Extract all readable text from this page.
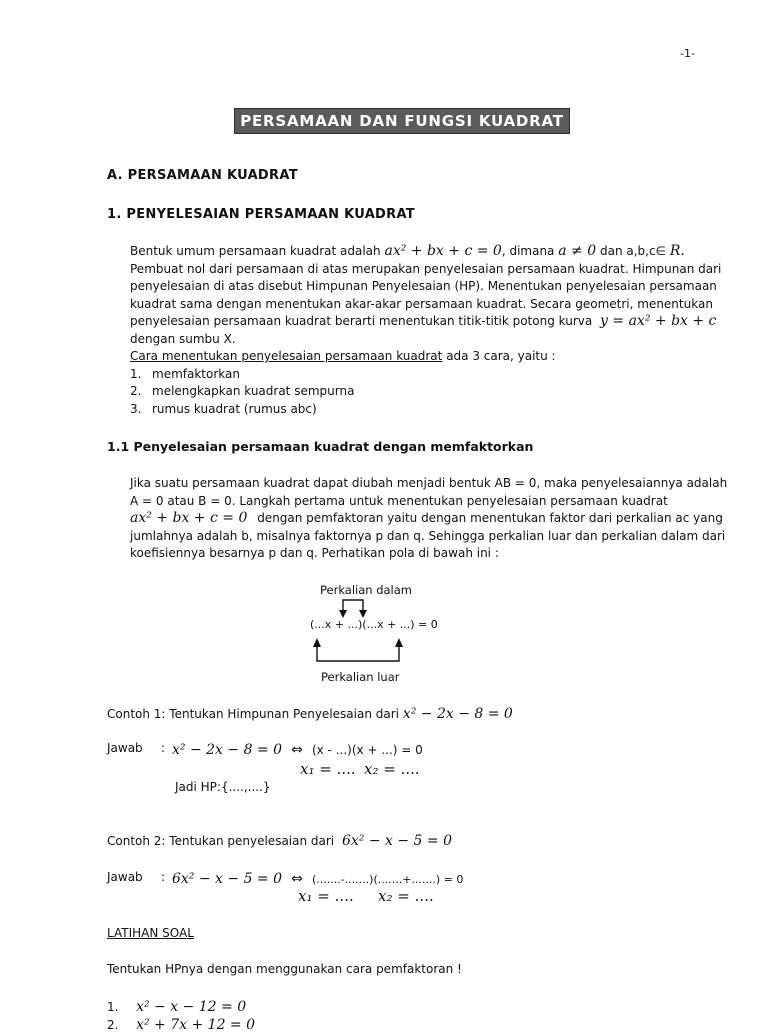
-1-
PERSAMAAN DAN FUNGSI KUADRAT
A. PERSAMAAN KUADRAT
1. PENYELESAIAN PERSAMAAN KUADRAT
Bentuk umum persamaan kuadrat adalah ax² + bx + c = 0, dimana a ≠ 0 dan a,b,c∈ R.
Pembuat nol dari persamaan di atas merupakan penyelesaian persamaan kuadrat. Himpunan dari
penyelesaian di atas disebut Himpunan Penyelesaian (HP). Menentukan penyelesaian persamaan
kuadrat sama dengan menentukan akar-akar persamaan kuadrat. Secara geometri, menentukan
penyelesaian persamaan kuadrat berarti menentukan titik-titik potong kurva y = ax² + bx + c
dengan sumbu X.
Cara menentukan penyelesaian persamaan kuadrat ada 3 cara, yaitu :
1. memfaktorkan
2. melengkapkan kuadrat sempurna
3. rumus kuadrat (rumus abc)
1.1 Penyelesaian persamaan kuadrat dengan memfaktorkan
Jika suatu persamaan kuadrat dapat diubah menjadi bentuk AB = 0, maka penyelesaiannya adalah
A = 0 atau B = 0. Langkah pertama untuk menentukan penyelesaian persamaan kuadrat
ax² + bx + c = 0 dengan pemfaktoran yaitu dengan menentukan faktor dari perkalian ac yang
jumlahnya adalah b, misalnya faktornya p dan q. Sehingga perkalian luar dan perkalian dalam dari
koefisiennya besarnya p dan q. Perhatikan pola di bawah ini :
Perkalian dalam
(...x + ...)(...x + ...) = 0
Perkalian luar
Contoh 1: Tentukan Himpunan Penyelesaian dari x² − 2x − 8 = 0
Jawab : x² − 2x − 8 = 0 ⇔ (x - ...)(x + ...) = 0
x₁ = .... x₂ = ....
Jadi HP:{....,....}
Contoh 2: Tentukan penyelesaian dari 6x² − x − 5 = 0
Jawab : 6x² − x − 5 = 0 ⇔ (.......-.......)(.......+.......) = 0
x₁ = .... x₂ = ....
LATIHAN SOAL
Tentukan HPnya dengan menggunakan cara pemfaktoran !
1. x² − x − 12 = 0
2. x² + 7x + 12 = 0
